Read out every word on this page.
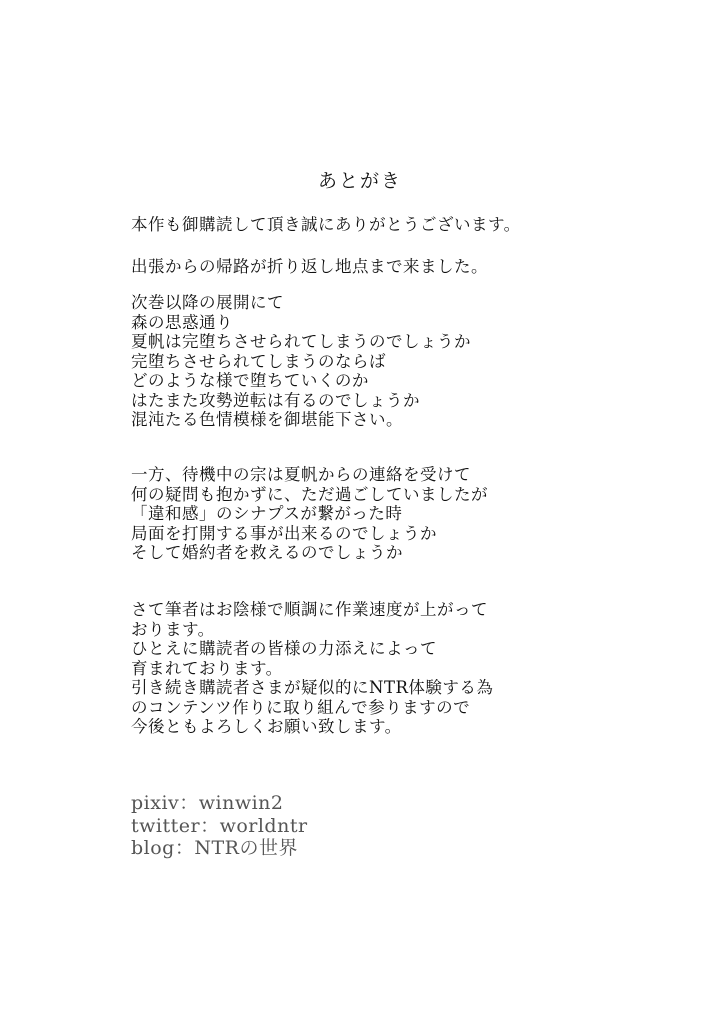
あとがき
本作も御購読して頂き誠にありがとうございます。
出張からの帰路が折り返し地点まで来ました。
次巻以降の展開にて
森の思惑通り
夏帆は完堕ちさせられてしまうのでしょうか
完堕ちさせられてしまうのならば
どのような様で堕ちていくのか
はたまた攻勢逆転は有るのでしょうか
混沌たる色情模様を御堪能下さい。
一方、待機中の宗は夏帆からの連絡を受けて
何の疑問も抱かずに、ただ過ごしていましたが
「違和感」のシナプスが繋がった時
局面を打開する事が出来るのでしょうか
そして婚約者を救えるのでしょうか
さて筆者はお陰様で順調に作業速度が上がって
おります。
ひとえに購読者の皆様の力添えによって
育まれております。
引き続き購読者さまが疑似的にNTR体験する為
のコンテンツ作りに取り組んで参りますので
今後ともよろしくお願い致します。
pixiv：winwin2
twitter：worldntr
blog：NTRの世界
